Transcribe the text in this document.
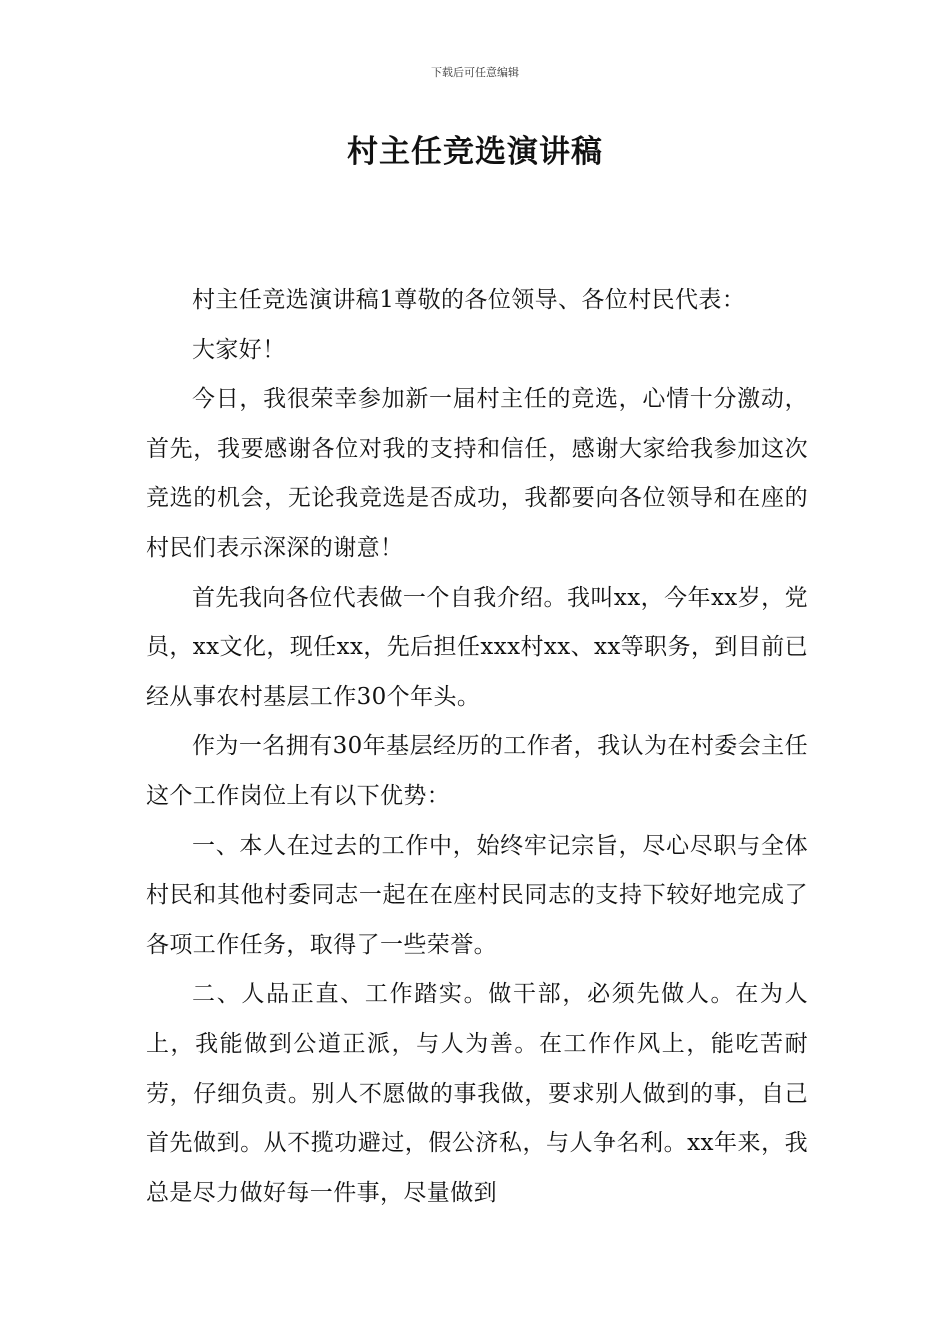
下载后可任意编辑
村主任竞选演讲稿

村主任竞选演讲稿1尊敬的各位领导、各位村民代表：

大家好！

今日，我很荣幸参加新一届村主任的竞选，心情十分激动，首先，我要感谢各位对我的支持和信任，感谢大家给我参加这次竞选的机会，无论我竞选是否成功，我都要向各位领导和在座的村民们表示深深的谢意！

首先我向各位代表做一个自我介绍。我叫xx，今年xx岁，党员，xx文化，现任xx，先后担任xxx村xx、xx等职务，到目前已经从事农村基层工作30个年头。

作为一名拥有30年基层经历的工作者，我认为在村委会主任这个工作岗位上有以下优势：

一、本人在过去的工作中，始终牢记宗旨，尽心尽职与全体村民和其他村委同志一起在在座村民同志的支持下较好地完成了各项工作任务，取得了一些荣誉。

二、人品正直、工作踏实。做干部，必须先做人。在为人上，我能做到公道正派，与人为善。在工作作风上，能吃苦耐劳，仔细负责。别人不愿做的事我做，要求别人做到的事，自己首先做到。从不揽功避过，假公济私，与人争名利。xx年来，我总是尽力做好每一件事，尽量做到
